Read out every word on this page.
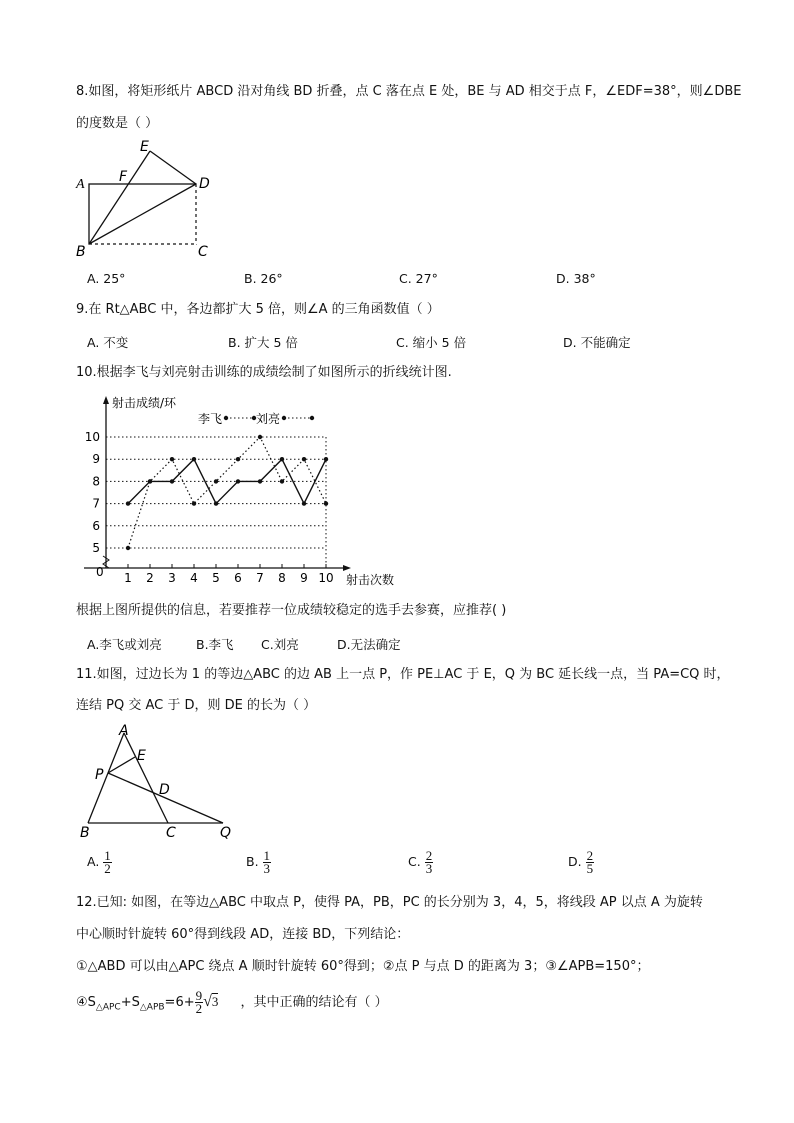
8.如图，将矩形纸片 ABCD 沿对角线 BD 折叠，点 C 落在点 E 处，BE 与 AD 相交于点 F，∠EDF=38°，则∠DBE
的度数是（ ）
A
B	C
D
E
F
A. 25°	B. 26°	C. 27°	D. 38°
9.在 Rt△ABC 中，各边都扩大 5 倍，则∠A 的三角函数值（ ）
A. 不变	B. 扩大 5 倍	C. 缩小 5 倍	D. 不能确定
10.根据李飞与刘亮射击训练的成绩绘制了如图所示的折线统计图.
5
6
7
8
9
10
1 2 3 4 5 6 7 8 9 10
0
射击成绩/环
射击次数
李飞	刘亮
根据上图所提供的信息，若要推荐一位成绩较稳定的选手去参赛，应推荐( )
A.李飞或刘亮	B.李飞 C.刘亮	D.无法确定
11.如图，过边长为 1 的等边△ABC 的边 AB 上一点 P，作 PE⊥AC 于 E，Q 为 BC 延长线一点，当 PA=CQ 时，
连结 PQ 交 AC 于 D，则 DE 的长为（ ）
A
E
P
D
B	C	Q
A. $\frac{1}{2}$	B. $\frac{1}{3}$	C. $\frac{2}{3}$	D. $\frac{2}{5}$
12.已知: 如图，在等边△ABC 中取点 P，使得 PA，PB，PC 的长分别为 3，4，5，将线段 AP 以点 A 为旋转
中心顺时针旋转 60°得到线段 AD，连接 BD，下列结论：
①△ABD 可以由△APC 绕点 A 顺时针旋转 60°得到；②点 P 与点 D 的距离为 3；③∠APB=150°；
$④S_{\triangle APC}+S_{\triangle APB}=6+ \frac{9}{2} √3$ ，其中正确的结论有（ ）
